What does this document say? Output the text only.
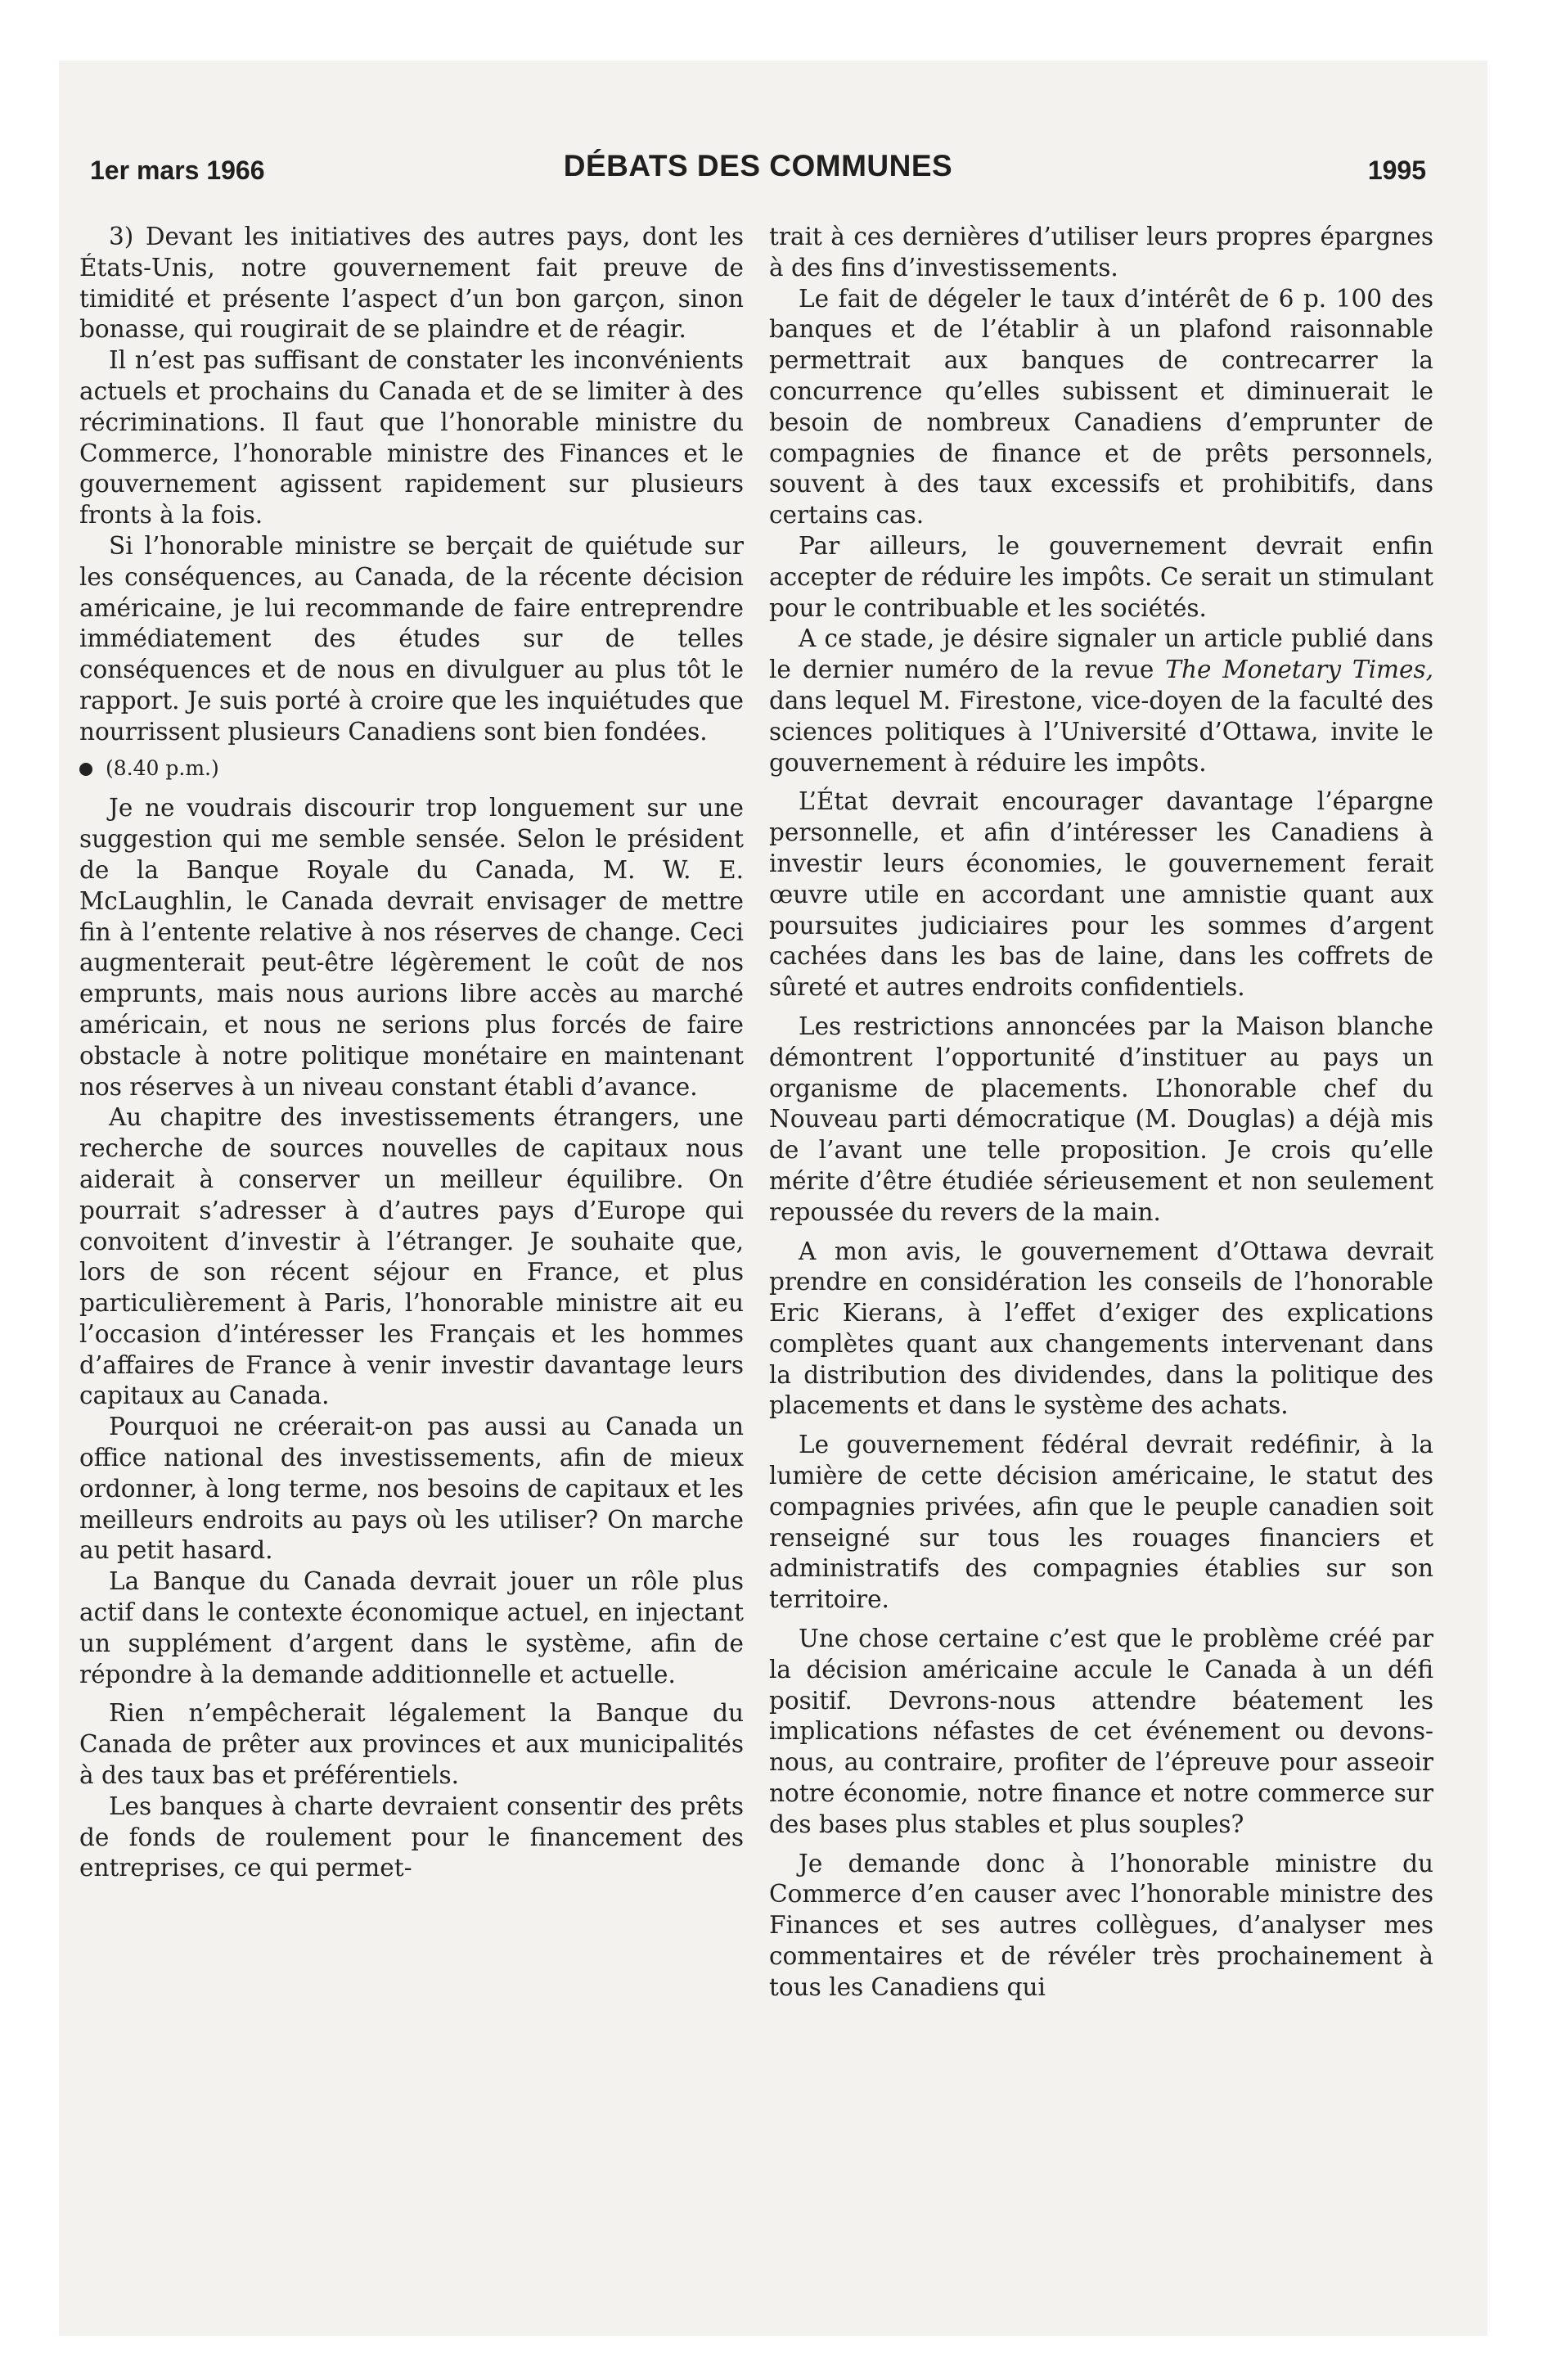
1er mars 1966	DÉBATS DES COMMUNES	1995

3) Devant les initiatives des autres pays, dont les États-Unis, notre gouvernement fait preuve de timidité et présente l’aspect d’un bon garçon, sinon bonasse, qui rougirait de se plaindre et de réagir.

Il n’est pas suffisant de constater les inconvénients actuels et prochains du Canada et de se limiter à des récriminations. Il faut que l’honorable ministre du Commerce, l’honorable ministre des Finances et le gouvernement agissent rapidement sur plusieurs fronts à la fois.

Si l’honorable ministre se berçait de quiétude sur les conséquences, au Canada, de la récente décision américaine, je lui recommande de faire entreprendre immédiatement des études sur de telles conséquences et de nous en divulguer au plus tôt le rapport. Je suis porté à croire que les inquiétudes que nourrissent plusieurs Canadiens sont bien fondées.

(8.40 p.m.)

Je ne voudrais discourir trop longuement sur une suggestion qui me semble sensée. Selon le président de la Banque Royale du Canada, M. W. E. McLaughlin, le Canada devrait envisager de mettre fin à l’entente relative à nos réserves de change. Ceci augmenterait peut-être légèrement le coût de nos emprunts, mais nous aurions libre accès au marché américain, et nous ne serions plus forcés de faire obstacle à notre politique monétaire en maintenant nos réserves à un niveau constant établi d’avance.

Au chapitre des investissements étrangers, une recherche de sources nouvelles de capitaux nous aiderait à conserver un meilleur équilibre. On pourrait s’adresser à d’autres pays d’Europe qui convoitent d’investir à l’étranger. Je souhaite que, lors de son récent séjour en France, et plus particulièrement à Paris, l’honorable ministre ait eu l’occasion d’intéresser les Français et les hommes d’affaires de France à venir investir davantage leurs capitaux au Canada.

Pourquoi ne créerait-on pas aussi au Canada un office national des investissements, afin de mieux ordonner, à long terme, nos besoins de capitaux et les meilleurs endroits au pays où les utiliser? On marche au petit hasard.

La Banque du Canada devrait jouer un rôle plus actif dans le contexte économique actuel, en injectant un supplément d’argent dans le système, afin de répondre à la demande additionnelle et actuelle.

Rien n’empêcherait légalement la Banque du Canada de prêter aux provinces et aux municipalités à des taux bas et préférentiels.

Les banques à charte devraient consentir des prêts de fonds de roulement pour le financement des entreprises, ce qui permet-

trait à ces dernières d’utiliser leurs propres épargnes à des fins d’investissements.

Le fait de dégeler le taux d’intérêt de 6 p. 100 des banques et de l’établir à un plafond raisonnable permettrait aux banques de contrecarrer la concurrence qu’elles subissent et diminuerait le besoin de nombreux Canadiens d’emprunter de compagnies de finance et de prêts personnels, souvent à des taux excessifs et prohibitifs, dans certains cas.

Par ailleurs, le gouvernement devrait enfin accepter de réduire les impôts. Ce serait un stimulant pour le contribuable et les sociétés.

A ce stade, je désire signaler un article publié dans le dernier numéro de la revue The Monetary Times, dans lequel M. Firestone, vice-doyen de la faculté des sciences politiques à l’Université d’Ottawa, invite le gouvernement à réduire les impôts.

L’État devrait encourager davantage l’épargne personnelle, et afin d’intéresser les Canadiens à investir leurs économies, le gouvernement ferait œuvre utile en accordant une amnistie quant aux poursuites judiciaires pour les sommes d’argent cachées dans les bas de laine, dans les coffrets de sûreté et autres endroits confidentiels.

Les restrictions annoncées par la Maison blanche démontrent l’opportunité d’instituer au pays un organisme de placements. L’honorable chef du Nouveau parti démocratique (M. Douglas) a déjà mis de l’avant une telle proposition. Je crois qu’elle mérite d’être étudiée sérieusement et non seulement repoussée du revers de la main.

A mon avis, le gouvernement d’Ottawa devrait prendre en considération les conseils de l’honorable Eric Kierans, à l’effet d’exiger des explications complètes quant aux changements intervenant dans la distribution des dividendes, dans la politique des placements et dans le système des achats.

Le gouvernement fédéral devrait redéfinir, à la lumière de cette décision américaine, le statut des compagnies privées, afin que le peuple canadien soit renseigné sur tous les rouages financiers et administratifs des compagnies établies sur son territoire.

Une chose certaine c’est que le problème créé par la décision américaine accule le Canada à un défi positif. Devrons-nous attendre béatement les implications néfastes de cet événement ou devons-nous, au contraire, profiter de l’épreuve pour asseoir notre économie, notre finance et notre commerce sur des bases plus stables et plus souples?

Je demande donc à l’honorable ministre du Commerce d’en causer avec l’honorable ministre des Finances et ses autres collègues, d’analyser mes commentaires et de révéler très prochainement à tous les Canadiens qui
